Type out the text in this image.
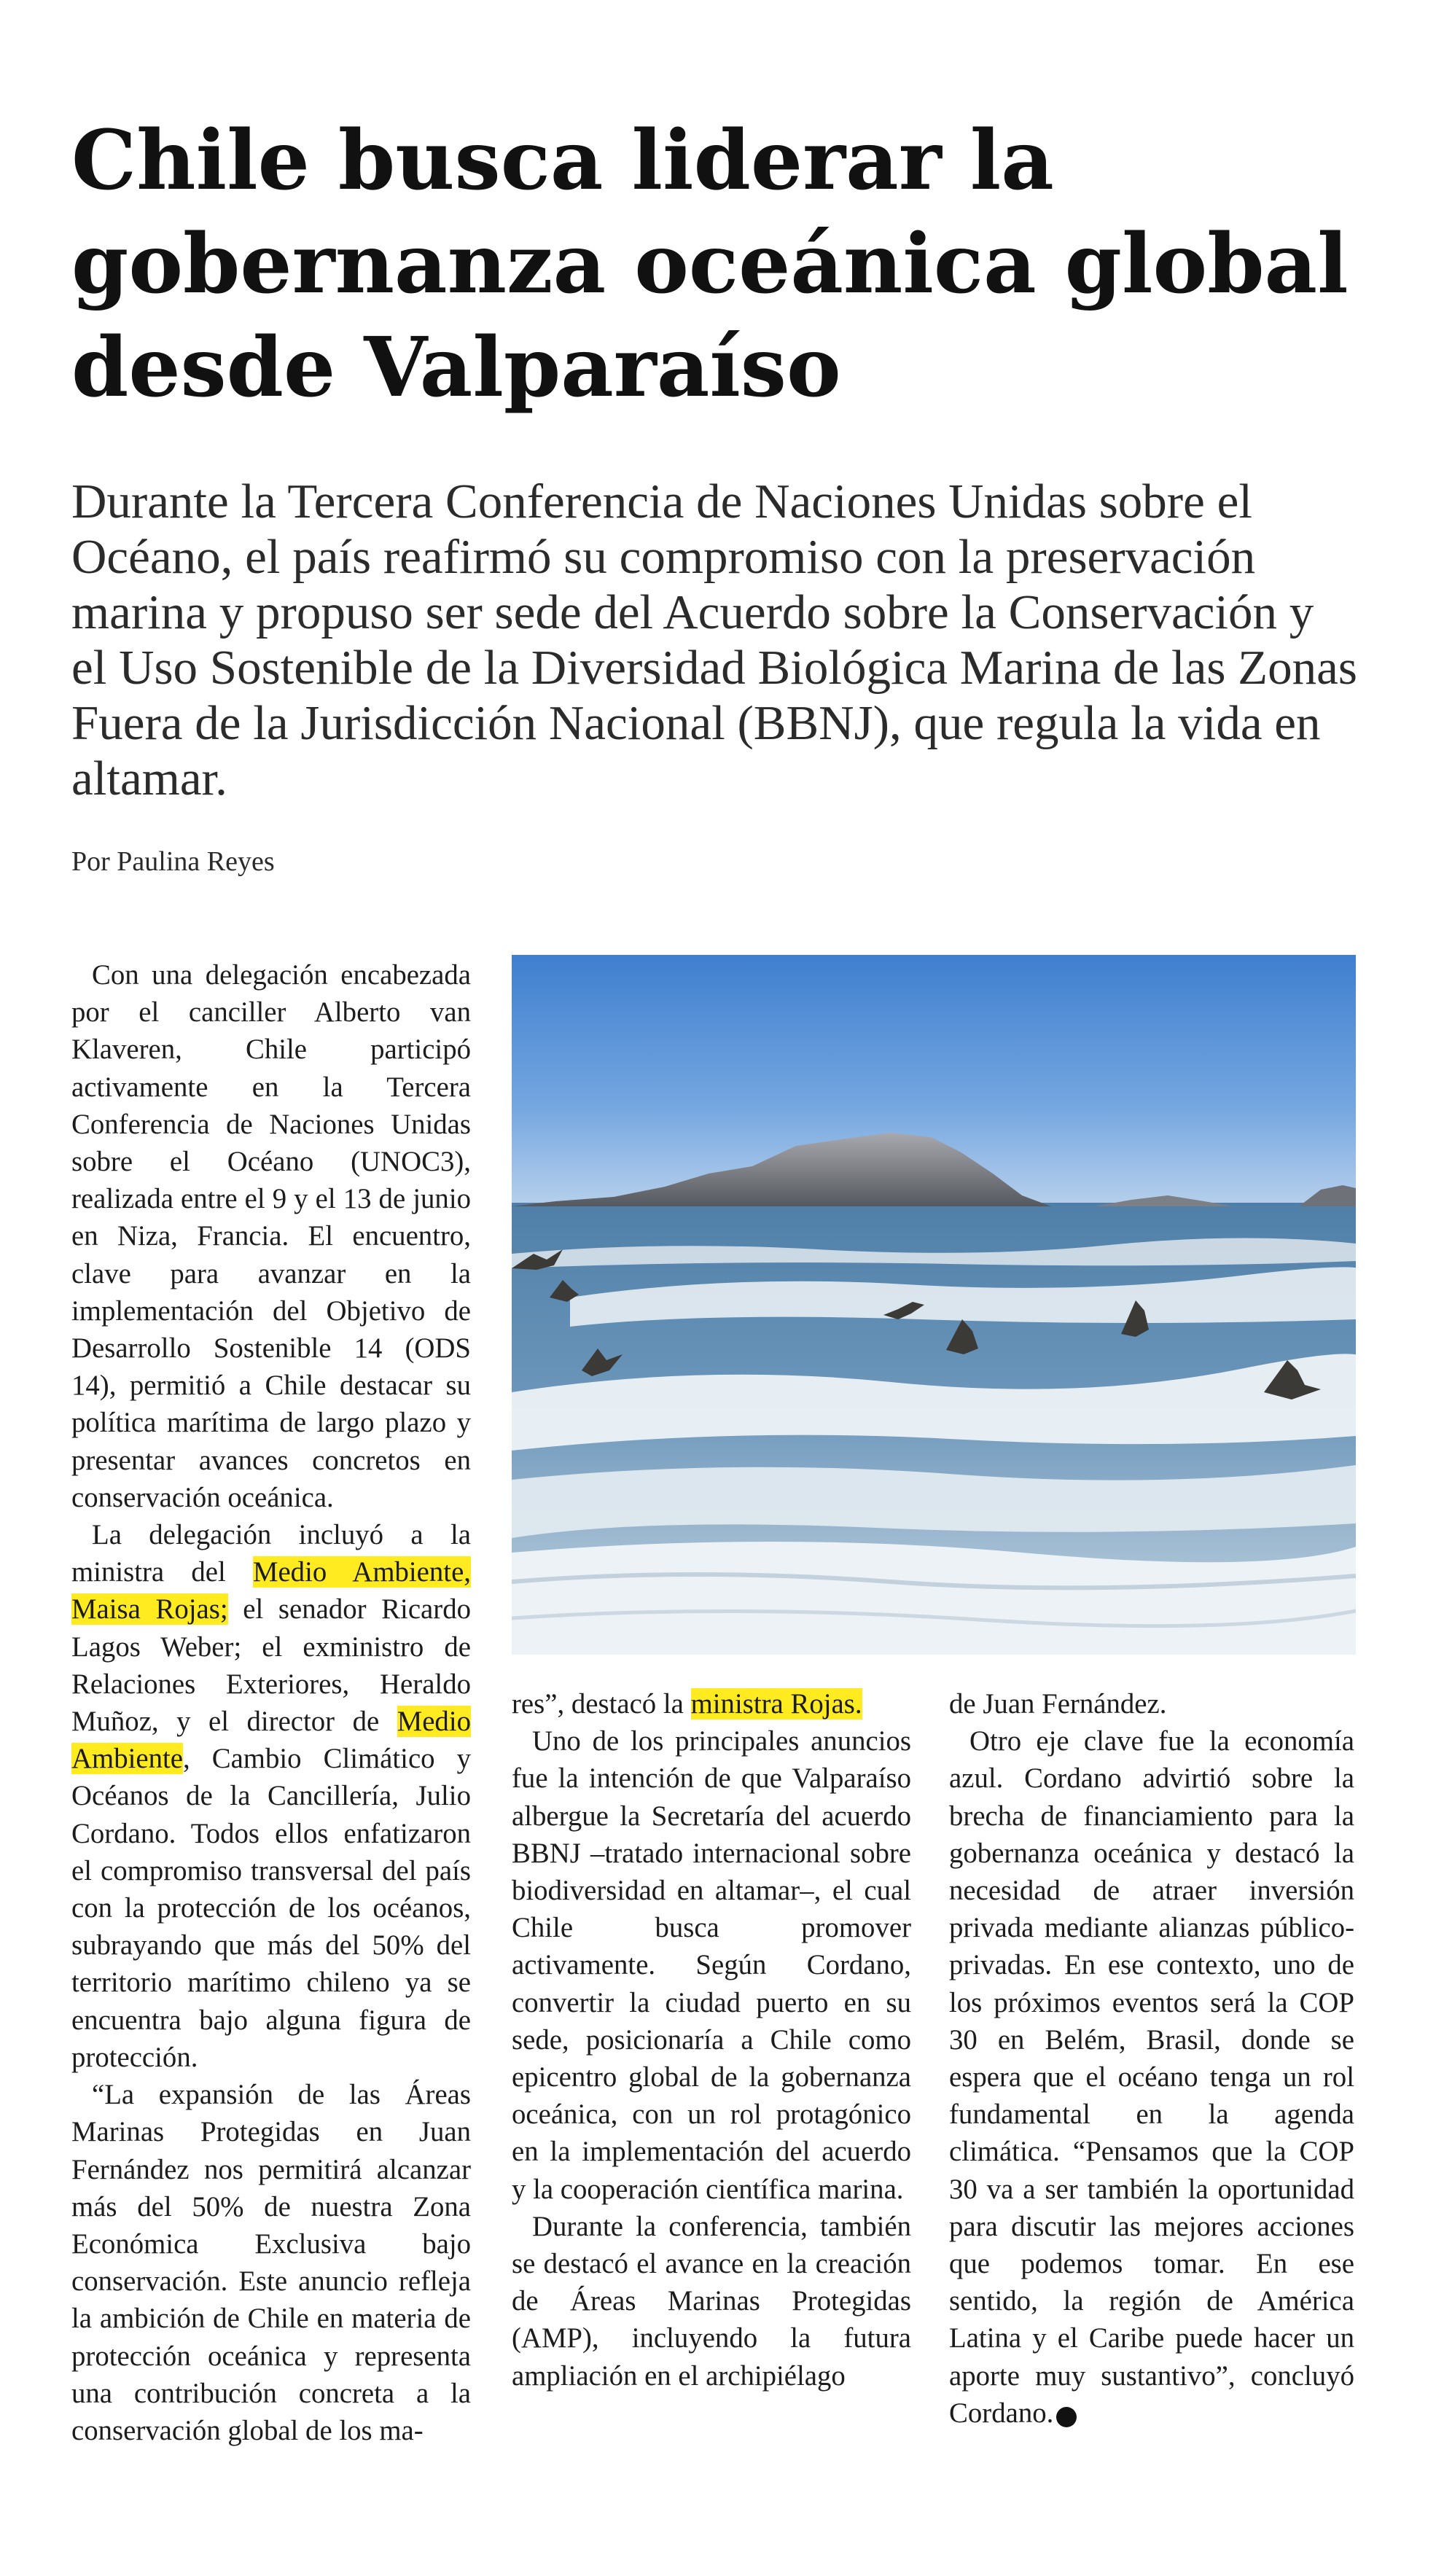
Chile busca liderar la
gobernanza oceánica global
desde Valparaíso
Durante la Tercera Conferencia de Naciones Unidas sobre el
Océano, el país reafirmó su compromiso con la preservación
marina y propuso ser sede del Acuerdo sobre la Conservación y
el Uso Sostenible de la Diversidad Biológica Marina de las Zonas
Fuera de la Jurisdicción Nacional (BBNJ), que regula la vida en
altamar.

Por Paulina Reyes

Con una delegación encabezada por el canciller Alberto van Klaveren, Chile participó activamente en la Tercera Conferencia de Naciones Unidas sobre el Océano (UNOC3), realizada entre el 9 y el 13 de junio en Niza, Francia. El encuentro, clave para avanzar en la implementación del Objetivo de Desarrollo Sostenible 14 (ODS 14), permitió a Chile destacar su política marítima de largo plazo y presentar avances concretos en conservación oceánica.

La delegación incluyó a la ministra del Medio Ambiente, Maisa Rojas; el senador Ricardo Lagos Weber; el exministro de Relaciones Exteriores, Heraldo Muñoz, y el director de Medio Ambiente, Cambio Climático y Océanos de la Cancillería, Julio Cordano. Todos ellos enfatizaron el compromiso transversal del país con la protección de los océanos, subrayando que más del 50% del territorio marítimo chileno ya se encuentra bajo alguna figura de protección.

“La expansión de las Áreas Marinas Protegidas en Juan Fernández nos permitirá alcanzar más del 50% de nuestra Zona Económica Exclusiva bajo conservación. Este anuncio refleja la ambición de Chile en materia de protección oceánica y representa una contribución concreta a la conservación global de los ma-

res”, destacó la ministra Rojas.

Uno de los principales anuncios fue la intención de que Valparaíso albergue la Secretaría del acuerdo BBNJ –tratado internacional sobre biodiversidad en altamar–, el cual Chile busca promover activamente. Según Cordano, convertir la ciudad puerto en su sede, posicionaría a Chile como epicentro global de la gobernanza oceánica, con un rol protagónico en la implementación del acuerdo y la cooperación científica marina.

Durante la conferencia, también se destacó el avance en la creación de Áreas Marinas Protegidas (AMP), incluyendo la futura ampliación en el archipiélago

de Juan Fernández.

Otro eje clave fue la economía azul. Cordano advirtió sobre la brecha de financiamiento para la gobernanza oceánica y destacó la necesidad de atraer inversión privada mediante alianzas público-privadas. En ese contexto, uno de los próximos eventos será la COP 30 en Belém, Brasil, donde se espera que el océano tenga un rol fundamental en la agenda climática. “Pensamos que la COP 30 va a ser también la oportunidad para discutir las mejores acciones que podemos tomar. En ese sentido, la región de América Latina y el Caribe puede hacer un aporte muy sustantivo”, concluyó Cordano. P
